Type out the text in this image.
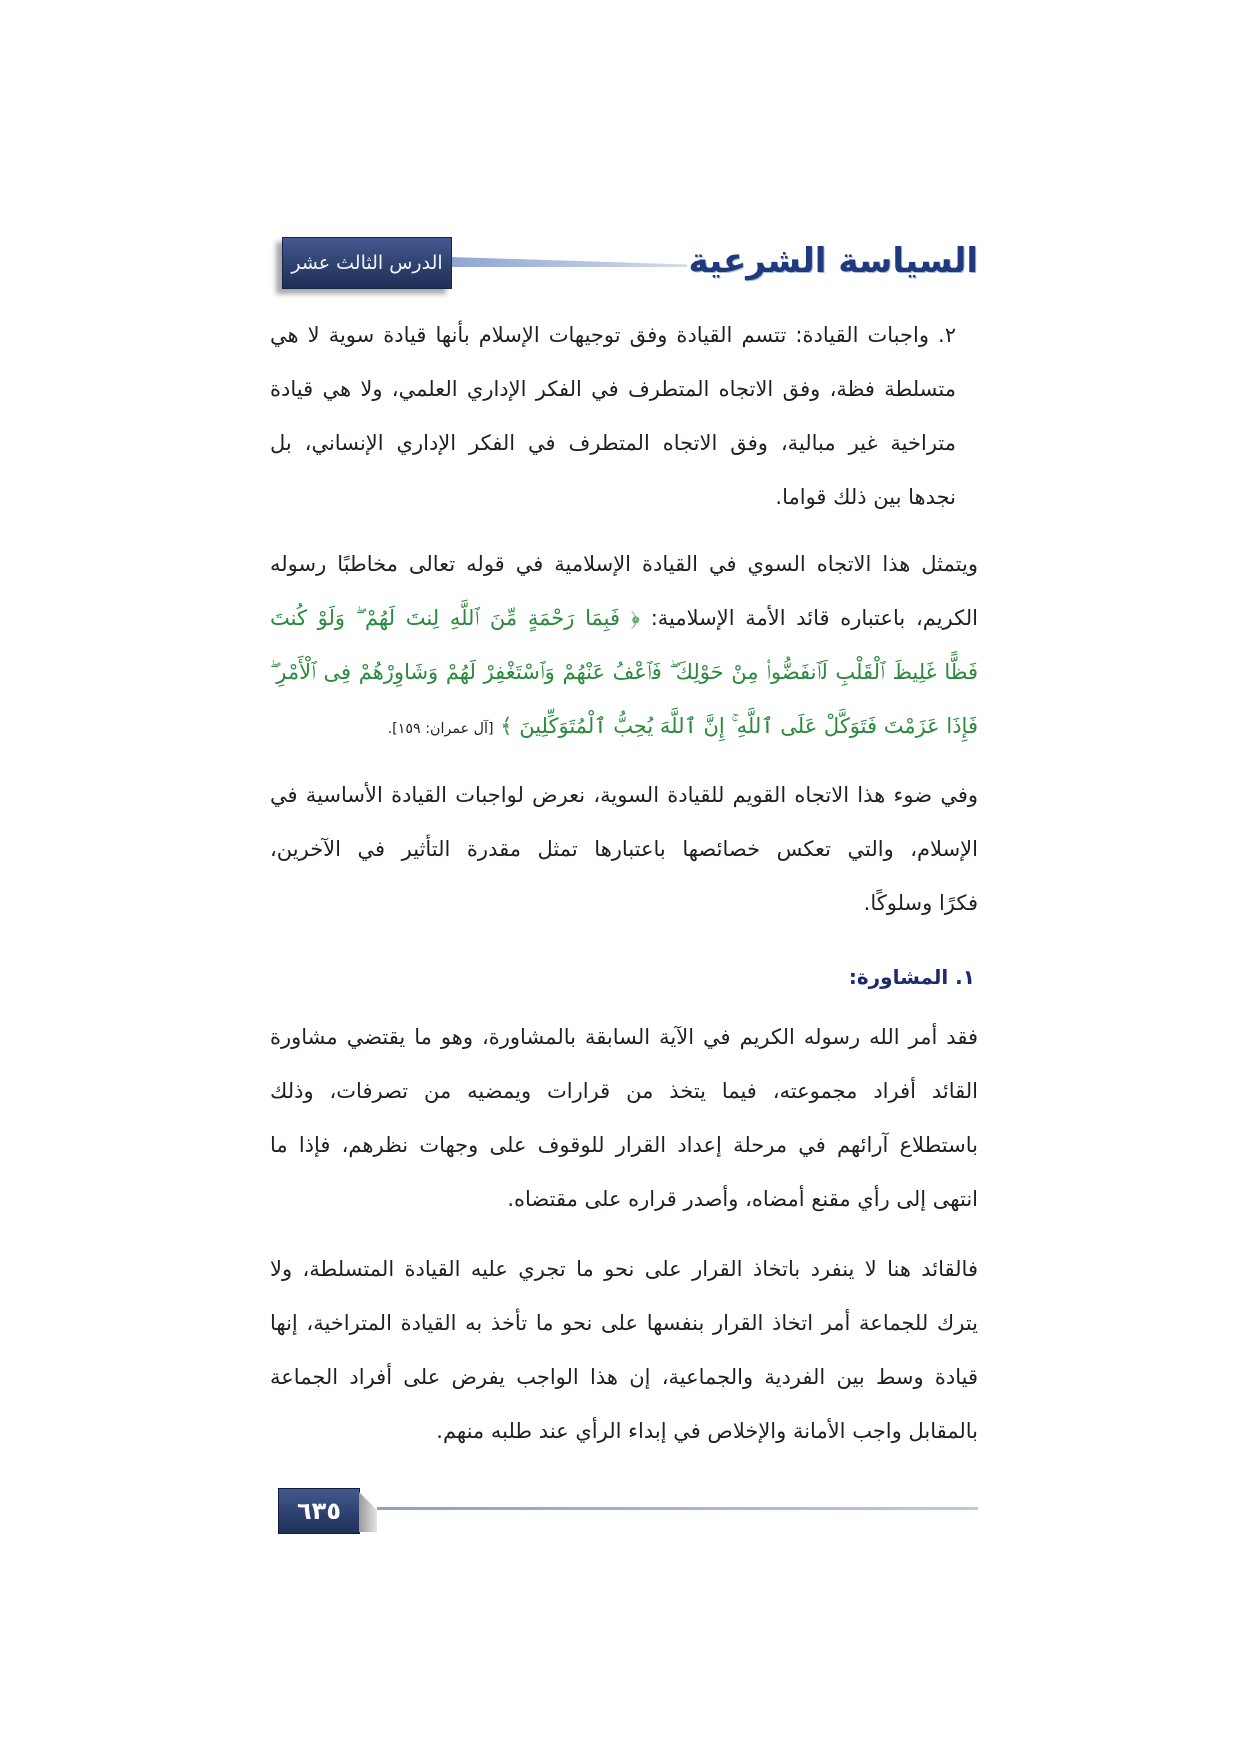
السياسة الشرعية
الدرس الثالث عشر
٢. واجبات القيادة: تتسم القيادة وفق توجيهات الإسلام بأنها قيادة سوية لا هي
متسلطة فظة، وفق الاتجاه المتطرف في الفكر الإداري العلمي، ولا هي قيادة
متراخية غير مبالية، وفق الاتجاه المتطرف في الفكر الإداري الإنساني، بل
نجدها بين ذلك قواما.
ويتمثل هذا الاتجاه السوي في القيادة الإسلامية في قوله تعالى مخاطبًا رسوله
الكريم، باعتباره قائد الأمة الإسلامية: ﴿ فَبِمَا رَحْمَةٍ مِّنَ ٱللَّهِ لِنتَ لَهُمْ ۖ وَلَوْ كُنتَ
فَظًّا غَلِيظَ ٱلْقَلْبِ لَٱنفَضُّوا۟ مِنْ حَوْلِكَ ۖ فَٱعْفُ عَنْهُمْ وَٱسْتَغْفِرْ لَهُمْ وَشَاوِرْهُمْ فِى ٱلْأَمْرِ ۖ
فَإِذَا عَزَمْتَ فَتَوَكَّلْ عَلَى ٱللَّهِ ۚ إِنَّ ٱللَّهَ يُحِبُّ ٱلْمُتَوَكِّلِينَ ﴾ [آل عمران: ١٥٩].
وفي ضوء هذا الاتجاه القويم للقيادة السوية، نعرض لواجبات القيادة الأساسية في
الإسلام، والتي تعكس خصائصها باعتبارها تمثل مقدرة التأثير في الآخرين،
فكرًا وسلوكًا.
١. المشاورة:
فقد أمر الله رسوله الكريم في الآية السابقة بالمشاورة، وهو ما يقتضي مشاورة
القائد أفراد مجموعته، فيما يتخذ من قرارات ويمضيه من تصرفات، وذلك
باستطلاع آرائهم في مرحلة إعداد القرار للوقوف على وجهات نظرهم، فإذا ما
انتهى إلى رأي مقنع أمضاه، وأصدر قراره على مقتضاه.
فالقائد هنا لا ينفرد باتخاذ القرار على نحو ما تجري عليه القيادة المتسلطة، ولا
يترك للجماعة أمر اتخاذ القرار بنفسها على نحو ما تأخذ به القيادة المتراخية، إنها
قيادة وسط بين الفردية والجماعية، إن هذا الواجب يفرض على أفراد الجماعة
بالمقابل واجب الأمانة والإخلاص في إبداء الرأي عند طلبه منهم.
٦٣٥
